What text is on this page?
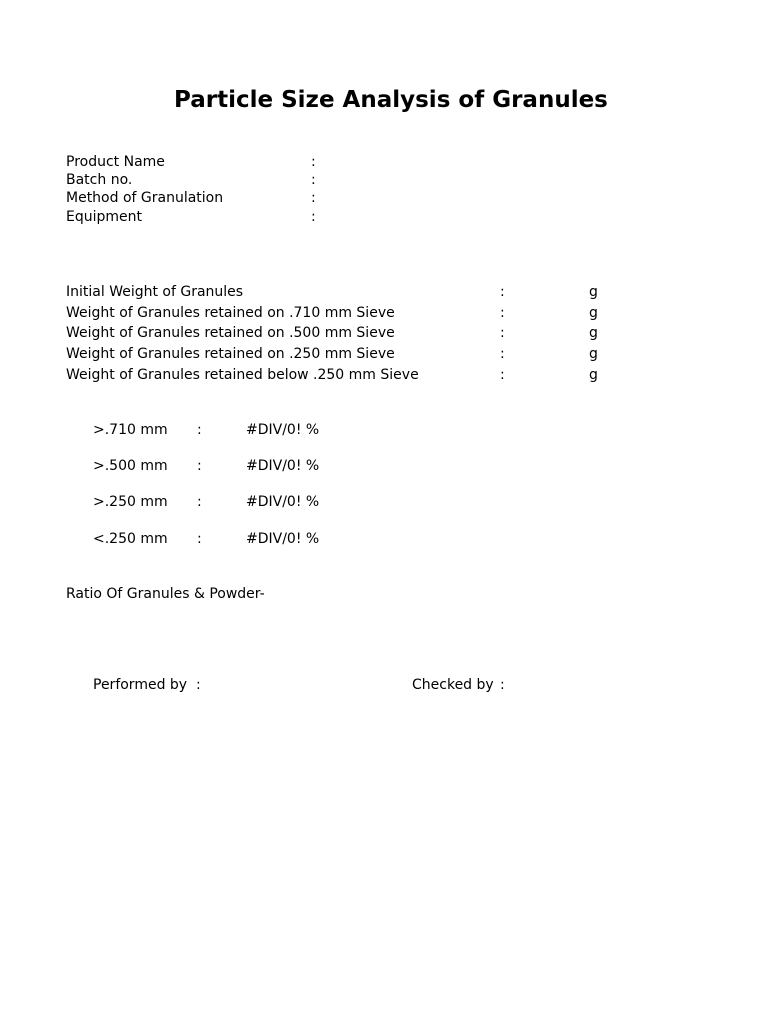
Particle Size Analysis of Granules
Product Name	:
Batch no.	:
Method of Granulation	:
Equipment	:
Initial Weight of Granules	:	g
Weight of Granules retained on .710 mm Sieve	:	g
Weight of Granules retained on .500 mm Sieve	:	g
Weight of Granules retained on .250 mm Sieve	:	g
Weight of Granules retained below .250 mm Sieve	:	g
>.710 mm :	#DIV/0! %
>.500 mm :	#DIV/0! %
>.250 mm :	#DIV/0! %
<.250 mm :	#DIV/0! %
Ratio Of Granules & Powder-
Performed by :	Checked by :
